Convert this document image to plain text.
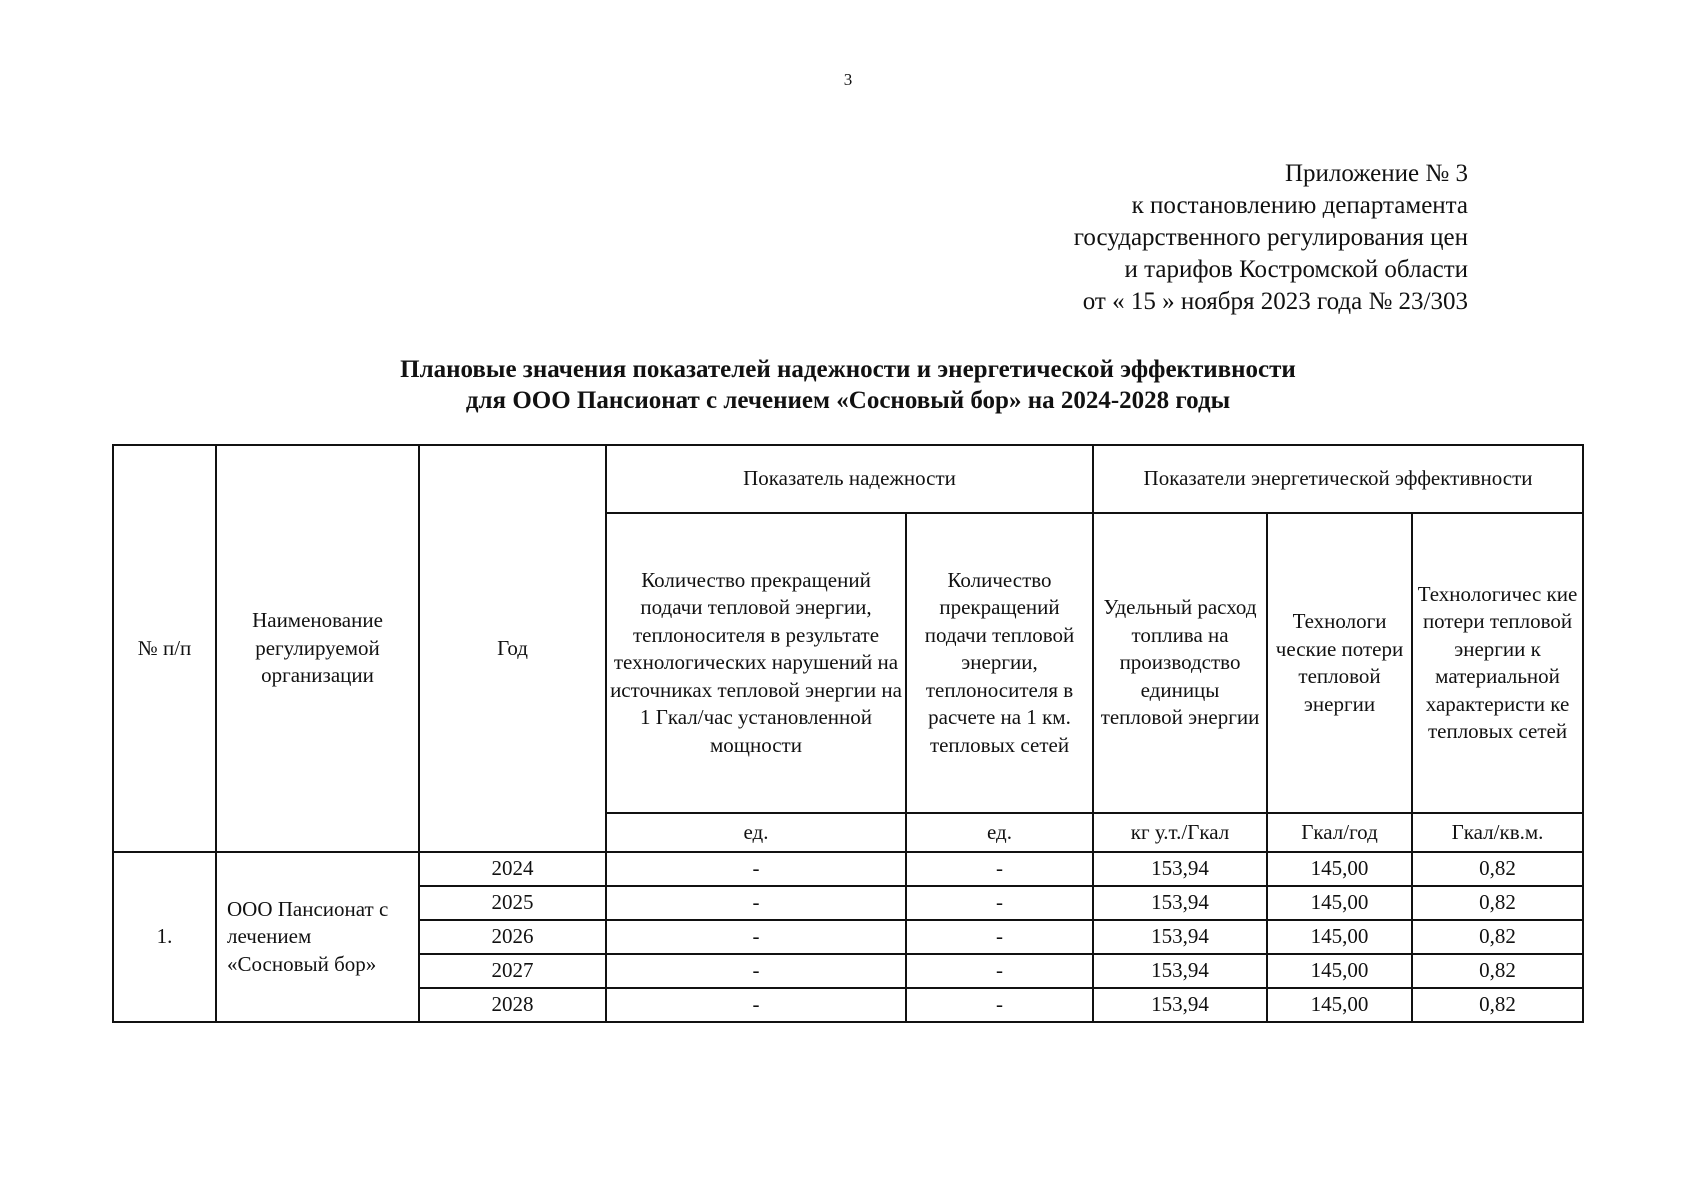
3
Приложение № 3
к постановлению департамента
государственного регулирования цен
и тарифов Костромской области
от « 15 » ноября 2023 года № 23/303
Плановые значения показателей надежности и энергетической эффективности
для ООО Пансионат с лечением «Сосновый бор» на 2024-2028 годы
№ п/п	Наименование регулируемой организации	Год	Показатель надежности		Показатели энергетической эффективности		
			Количество прекращений подачи тепловой энергии, теплоносителя в результате технологических нарушений на источниках тепловой энергии на 1 Гкал/час установленной мощности	Количество прекращений подачи тепловой энергии, теплоносителя в расчете на 1 км. тепловых сетей	Удельный расход топлива на производство единицы тепловой энергии	Технологи ческие потери тепловой энергии	Технологичес кие потери тепловой энергии к материальной характеристи ке тепловых сетей
			ед.	ед.	кг у.т./Гкал	Гкал/год	Гкал/кв.м.
1.	ООО Пансионат с лечением «Сосновый бор»	2024	-	-	153,94	145,00	0,82
		2025	-	-	153,94	145,00	0,82
		2026	-	-	153,94	145,00	0,82
		2027	-	-	153,94	145,00	0,82
		2028	-	-	153,94	145,00	0,82
